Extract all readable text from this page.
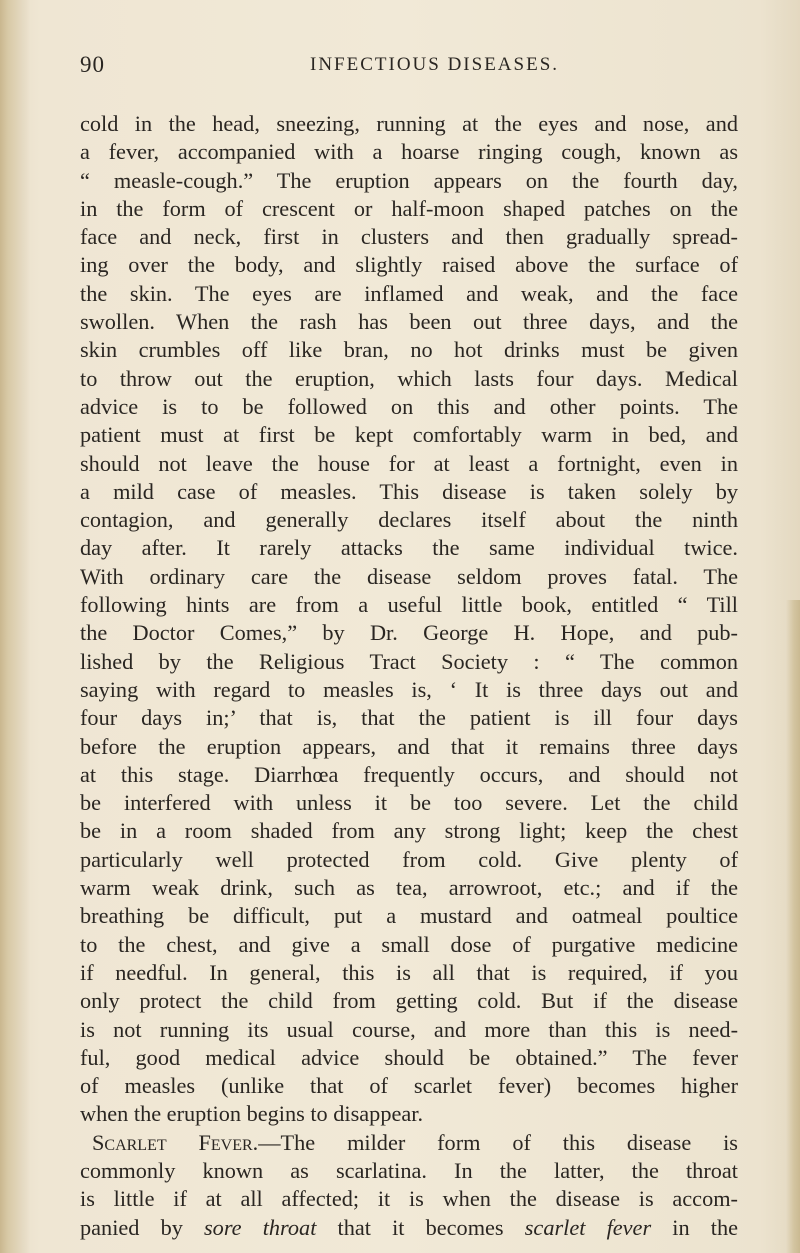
90	INFECTIOUS DISEASES.
cold in the head, sneezing, running at the eyes and nose, and
a fever, accompanied with a hoarse ringing cough, known as
“ measle-cough.” The eruption appears on the fourth day,
in the form of crescent or half-moon shaped patches on the
face and neck, first in clusters and then gradually spread-
ing over the body, and slightly raised above the surface of
the skin. The eyes are inflamed and weak, and the face
swollen. When the rash has been out three days, and the
skin crumbles off like bran, no hot drinks must be given
to throw out the eruption, which lasts four days. Medical
advice is to be followed on this and other points. The
patient must at first be kept comfortably warm in bed, and
should not leave the house for at least a fortnight, even in
a mild case of measles. This disease is taken solely by
contagion, and generally declares itself about the ninth
day after. It rarely attacks the same individual twice.
With ordinary care the disease seldom proves fatal. The
following hints are from a useful little book, entitled “ Till
the Doctor Comes,” by Dr. George H. Hope, and pub-
lished by the Religious Tract Society : “ The common
saying with regard to measles is, ‘ It is three days out and
four days in;’ that is, that the patient is ill four days
before the eruption appears, and that it remains three days
at this stage. Diarrhœa frequently occurs, and should not
be interfered with unless it be too severe. Let the child
be in a room shaded from any strong light; keep the chest
particularly well protected from cold. Give plenty of
warm weak drink, such as tea, arrowroot, etc.; and if the
breathing be difficult, put a mustard and oatmeal poultice
to the chest, and give a small dose of purgative medicine
if needful. In general, this is all that is required, if you
only protect the child from getting cold. But if the disease
is not running its usual course, and more than this is need-
ful, good medical advice should be obtained.” The fever
of measles (unlike that of scarlet fever) becomes higher
when the eruption begins to disappear.
Scarlet Fever.—The milder form of this disease is
commonly known as scarlatina. In the latter, the throat
is little if at all affected; it is when the disease is accom-
panied by sore throat that it becomes scarlet fever in the
